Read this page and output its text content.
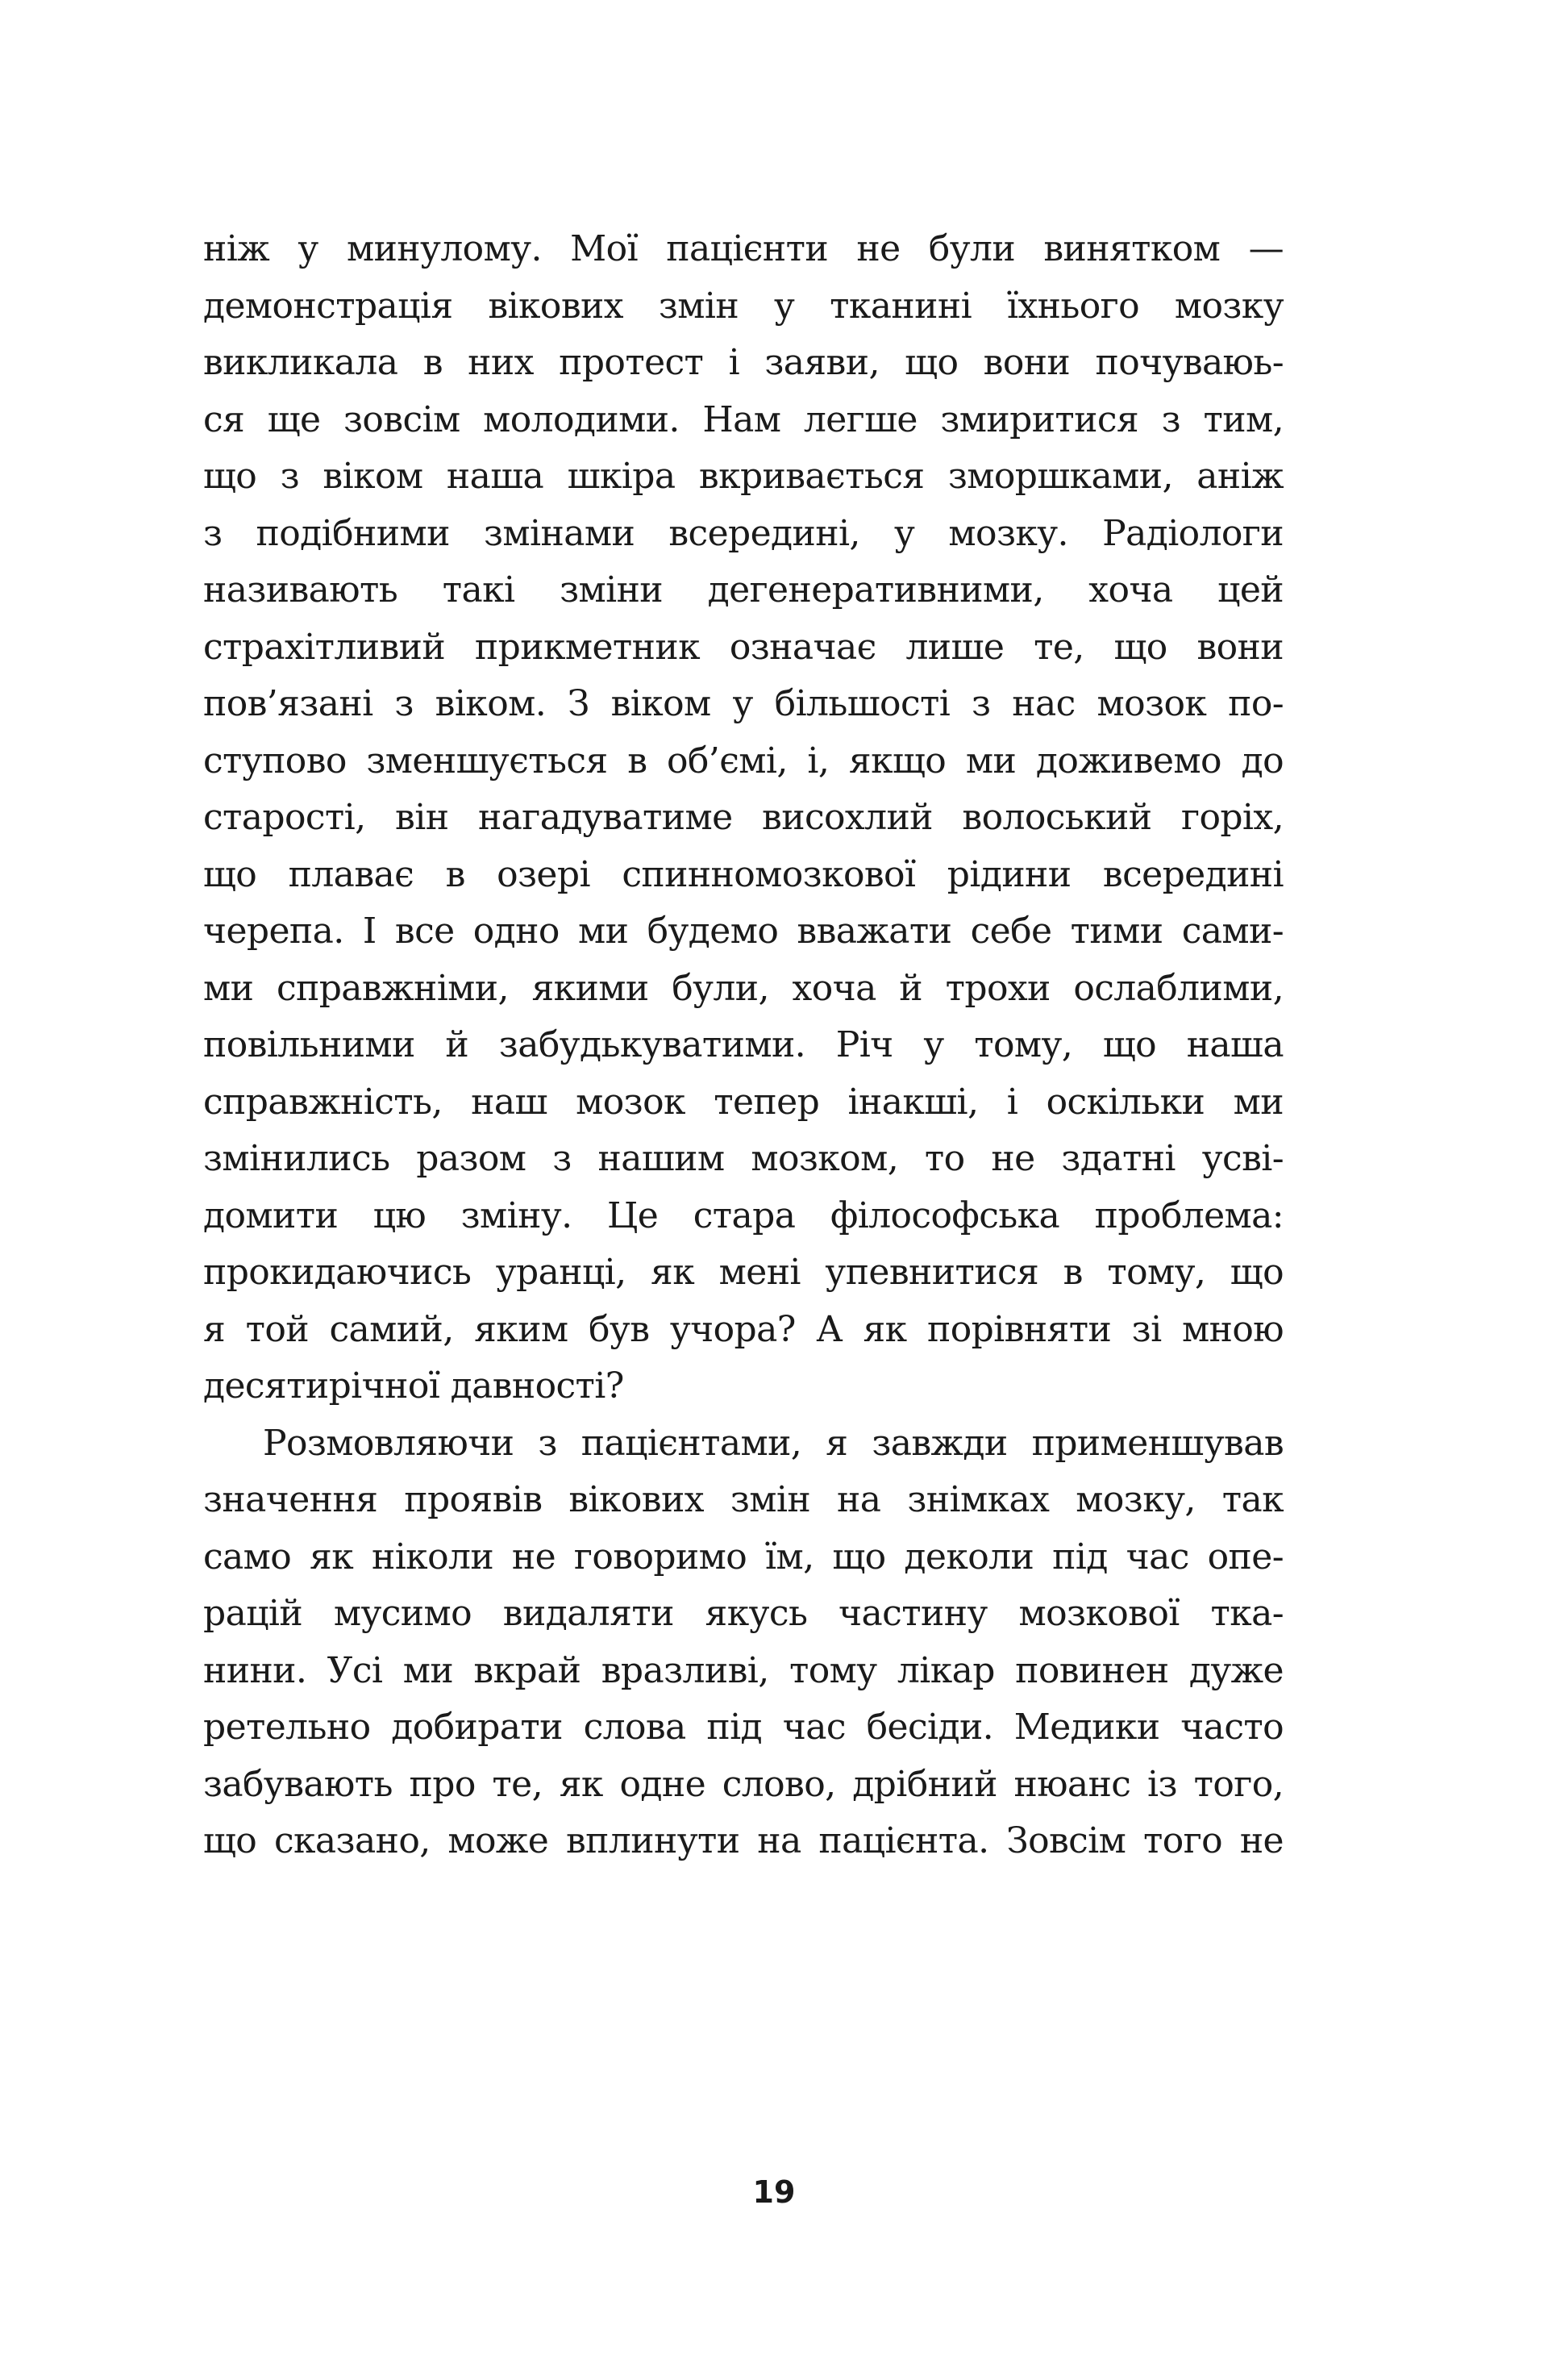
ніж у минулому. Мої пацієнти не були винятком —
демонстрація вікових змін у тканині їхнього мозку
викликала в них протест і заяви, що вони почуваюь-
ся ще зовсім молодими. Нам легше змиритися з тим,
що з віком наша шкіра вкривається зморшками, аніж
з подібними змінами всередині, у мозку. Радіологи
називають такі зміни дегенеративними, хоча цей
страхітливий прикметник означає лише те, що вони
пов’язані з віком. З віком у більшості з нас мозок по-
ступово зменшується в об’ємі, і, якщо ми доживемо до
старості, він нагадуватиме висохлий волоський горіх,
що плаває в озері спинномозкової рідини всередині
черепа. І все одно ми будемо вважати себе тими сами-
ми справжніми, якими були, хоча й трохи ослаблими,
повільними й забудькуватими. Річ у тому, що наша
справжність, наш мозок тепер інакші, і оскільки ми
змінились разом з нашим мозком, то не здатні усві-
домити цю зміну. Це стара філософська проблема:
прокидаючись уранці, як мені упевнитися в тому, що
я той самий, яким був учора? А як порівняти зі мною
десятирічної давності?
Розмовляючи з пацієнтами, я завжди применшував
значення проявів вікових змін на знімках мозку, так
само як ніколи не говоримо їм, що деколи під час опе-
рацій мусимо видаляти якусь частину мозкової тка-
нини. Усі ми вкрай вразливі, тому лікар повинен дуже
ретельно добирати слова під час бесіди. Медики часто
забувають про те, як одне слово, дрібний нюанс із того,
що сказано, може вплинути на пацієнта. Зовсім того не
19
